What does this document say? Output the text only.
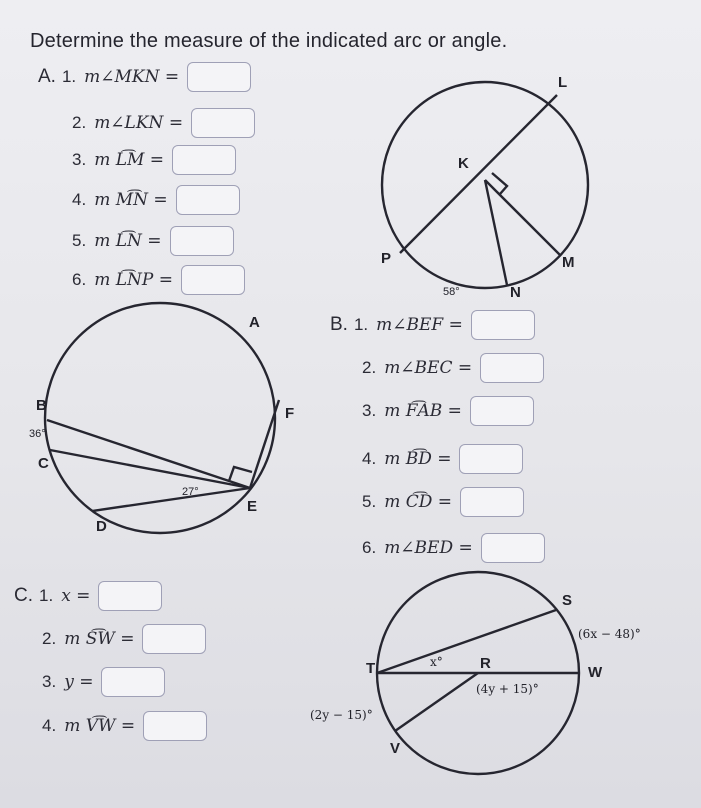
Determine the measure of the indicated arc or angle.
A. 1. m∠MKN =
2. m∠LKN =
3. m L͡M =
4. m M͡N =
5. m L͡N =
6. m L͡NP =
B. 1. m∠BEF =
2. m∠BEC =
3. m F͡AB =
4. m B͡D =
5. m C͡D =
6. m∠BED =
C. 1. x =
2. m S͡W =
3. y =
4. m V͡W =
L
K
P	M
N
58°
A
B
36°
C
27°
E
F
D
S
(6x − 48)°
T	x° R
W
(4y + 15)°
(2y − 15)°
V
